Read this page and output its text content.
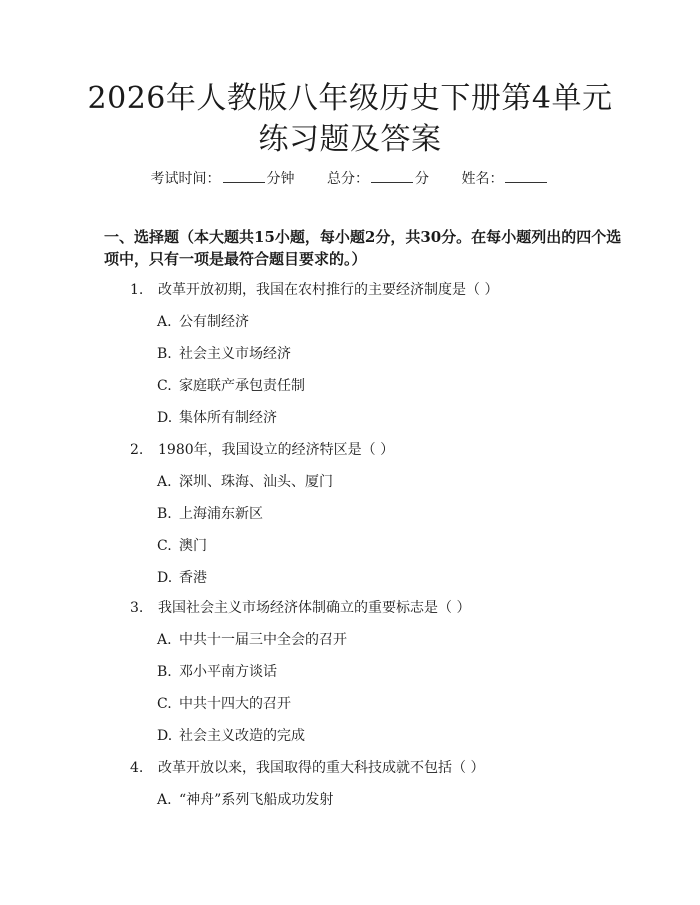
2026年人教版八年级历史下册第4单元练习题及答案
考试时间：	分钟 总分：	分 姓名：
一、选择题（本大题共15小题，每小题2分，共30分。在每小题列出的四个选项中，只有一项是最符合题目要求的。）
1. 改革开放初期，我国在农村推行的主要经济制度是（ ）
A. 公有制经济
B. 社会主义市场经济
C. 家庭联产承包责任制
D. 集体所有制经济
2. 1980年，我国设立的经济特区是（ ）
A. 深圳、珠海、汕头、厦门
B. 上海浦东新区
C. 澳门
D. 香港
3. 我国社会主义市场经济体制确立的重要标志是（ ）
A. 中共十一届三中全会的召开
B. 邓小平南方谈话
C. 中共十四大的召开
D. 社会主义改造的完成
4. 改革开放以来，我国取得的重大科技成就不包括（ ）
A. “神舟”系列飞船成功发射
